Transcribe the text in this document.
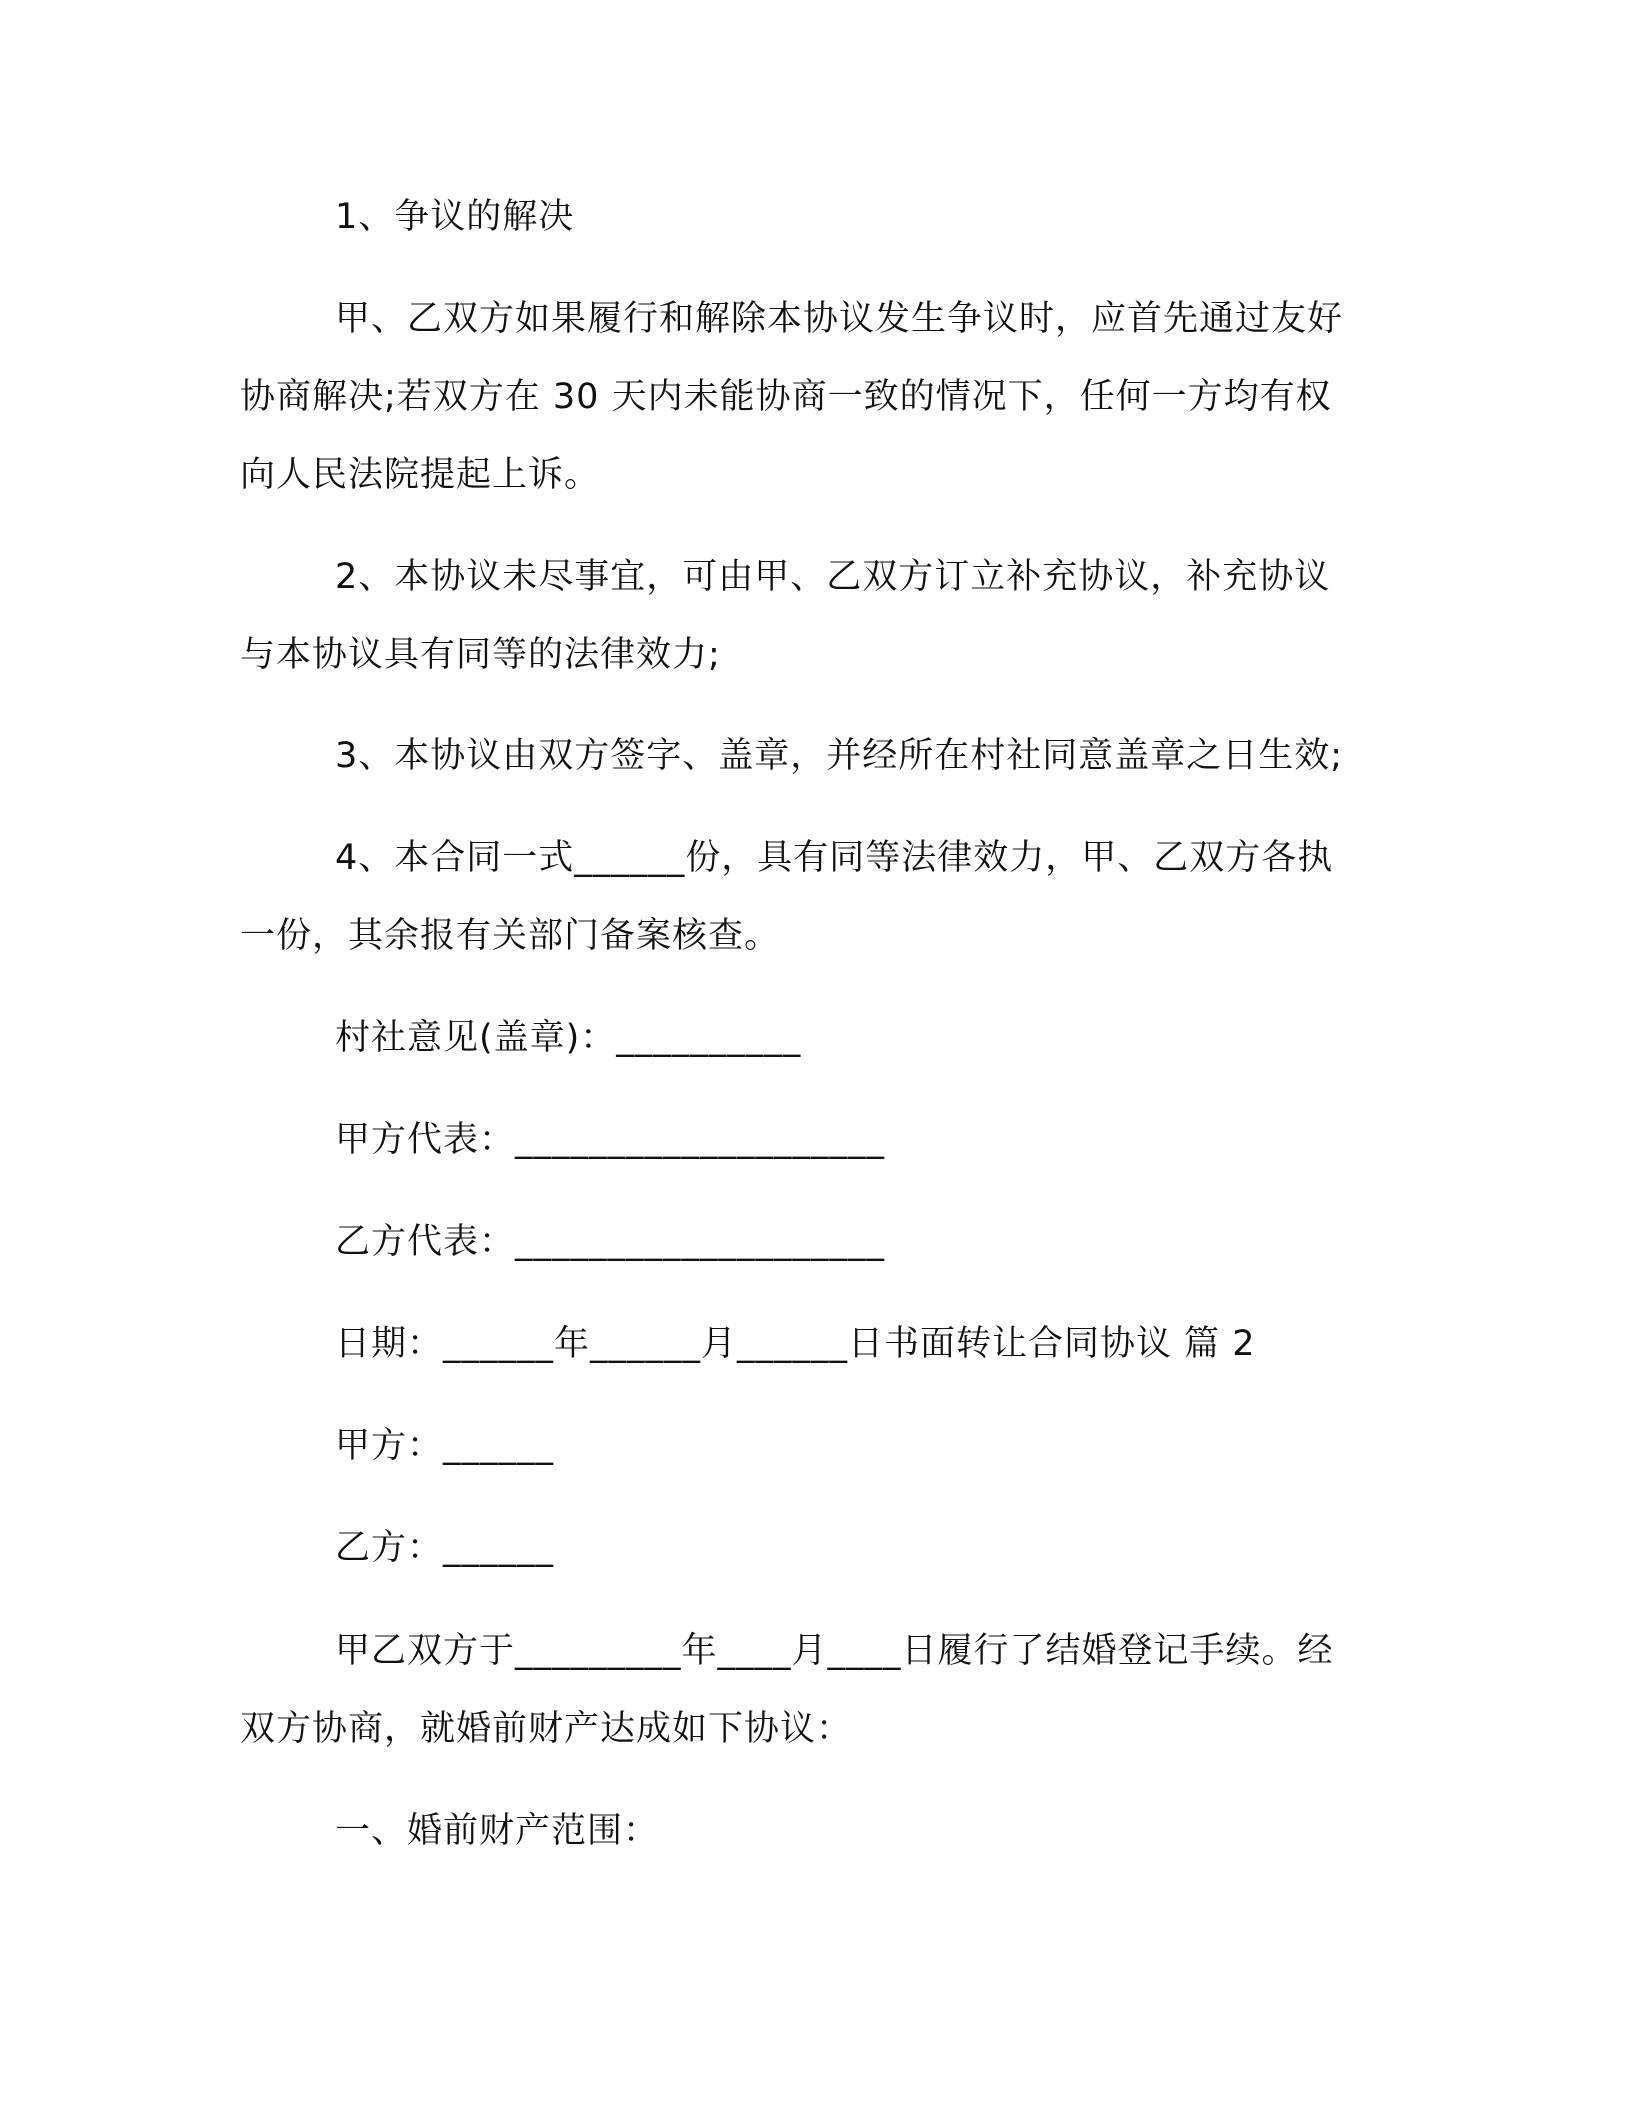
1、争议的解决
甲、乙双方如果履行和解除本协议发生争议时，应首先通过友好
协商解决;若双方在 30 天内未能协商一致的情况下，任何一方均有权
向人民法院提起上诉。
2、本协议未尽事宜，可由甲、乙双方订立补充协议，补充协议
与本协议具有同等的法律效力;
3、本协议由双方签字、盖章，并经所在村社同意盖章之日生效;
4、本合同一式______份，具有同等法律效力，甲、乙双方各执
一份，其余报有关部门备案核查。
村社意见(盖章)：__________
甲方代表：____________________
乙方代表：____________________
日期：______年______月______日书面转让合同协议 篇 2
甲方：______
乙方：______
甲乙双方于_________年____月____日履行了结婚登记手续。经
双方协商，就婚前财产达成如下协议：
一、婚前财产范围：
